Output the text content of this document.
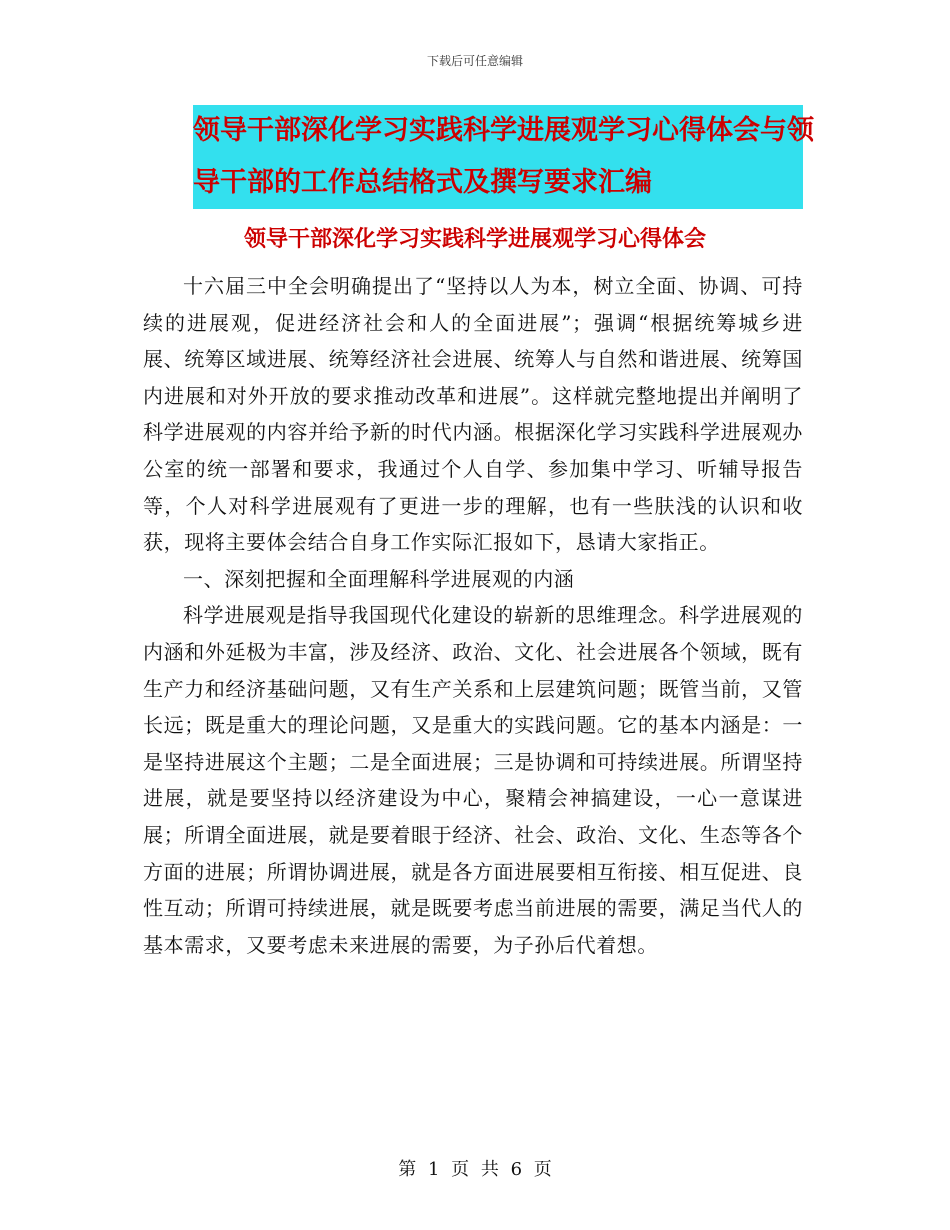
下载后可任意编辑
领导干部深化学习实践科学进展观学习心得体会与领
导干部的工作总结格式及撰写要求汇编
领导干部深化学习实践科学进展观学习心得体会

十六届三中全会明确提出了“坚持以人为本，树立全面、协调、可持续的进展观，促进经济社会和人的全面进展”；强调“根据统筹城乡进展、统筹区域进展、统筹经济社会进展、统筹人与自然和谐进展、统筹国内进展和对外开放的要求推动改革和进展”。这样就完整地提出并阐明了科学进展观的内容并给予新的时代内涵。根据深化学习实践科学进展观办公室的统一部署和要求，我通过个人自学、参加集中学习、听辅导报告等，个人对科学进展观有了更进一步的理解，也有一些肤浅的认识和收获，现将主要体会结合自身工作实际汇报如下，恳请大家指正。

一、深刻把握和全面理解科学进展观的内涵

科学进展观是指导我国现代化建设的崭新的思维理念。科学进展观的内涵和外延极为丰富，涉及经济、政治、文化、社会进展各个领域，既有生产力和经济基础问题，又有生产关系和上层建筑问题；既管当前，又管长远；既是重大的理论问题，又是重大的实践问题。它的基本内涵是：一是坚持进展这个主题；二是全面进展；三是协调和可持续进展。所谓坚持进展，就是要坚持以经济建设为中心，聚精会神搞建设，一心一意谋进展；所谓全面进展，就是要着眼于经济、社会、政治、文化、生态等各个方面的进展；所谓协调进展，就是各方面进展要相互衔接、相互促进、良性互动；所谓可持续进展，就是既要考虑当前进展的需要，满足当代人的基本需求，又要考虑未来进展的需要，为子孙后代着想。

第 1 页 共 6 页
